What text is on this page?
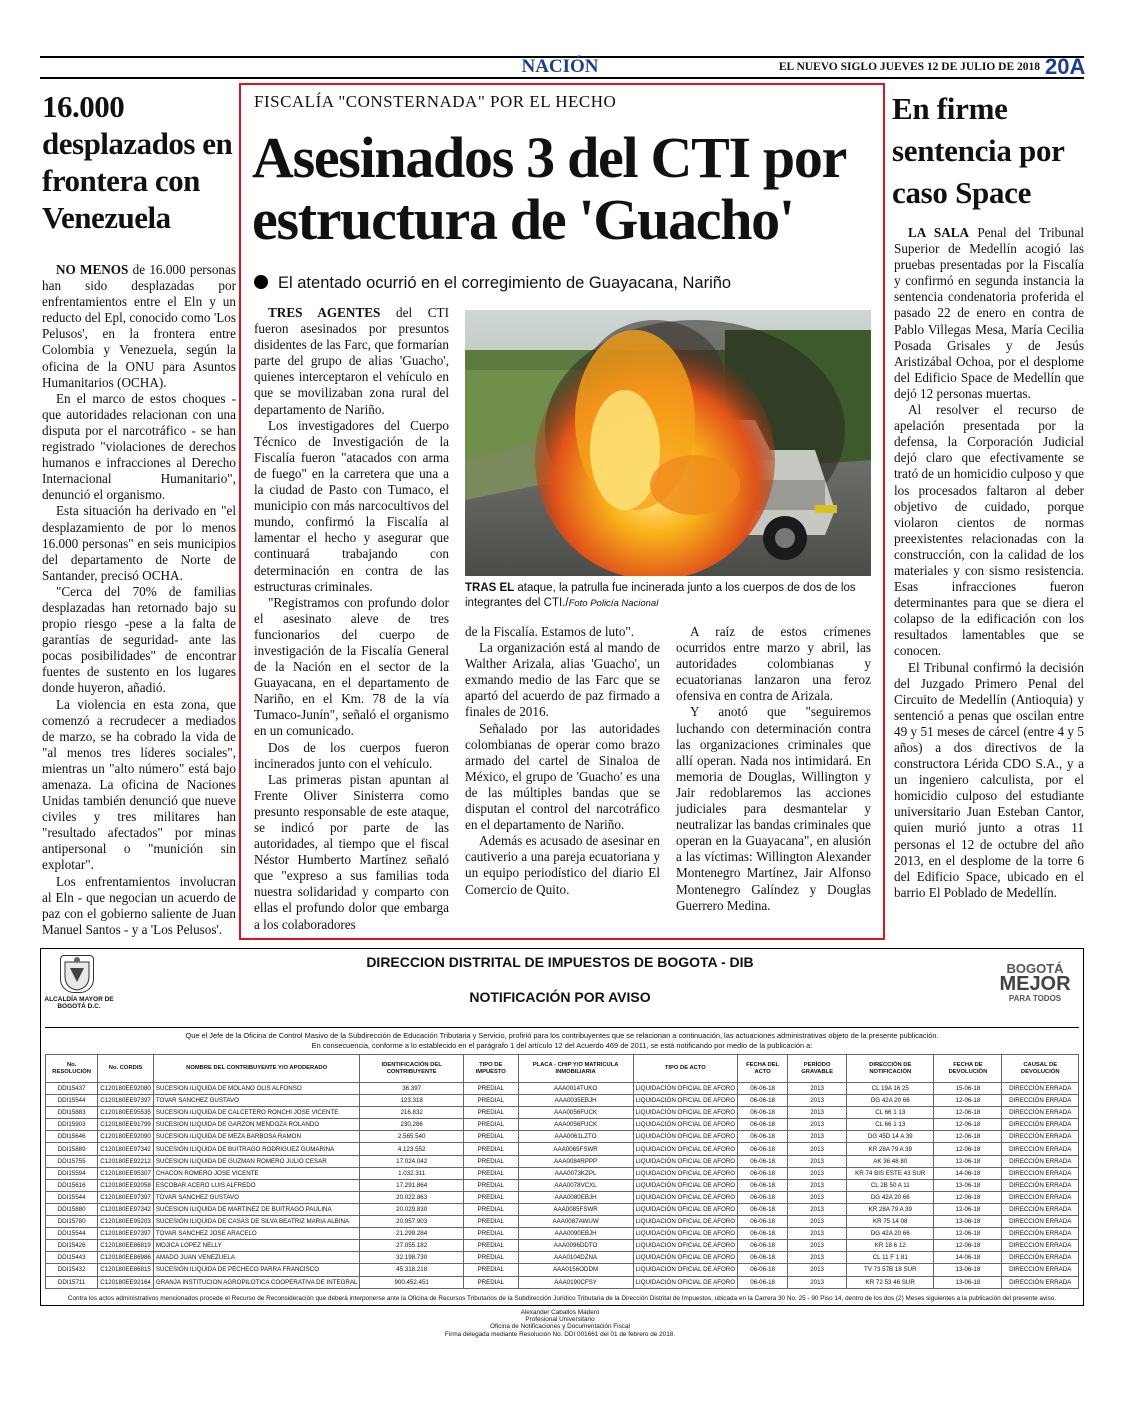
NACIÓN	EL NUEVO SIGLO JUEVES 12 DE JULIO DE 2018 20A
16.000 desplazados en frontera con Venezuela

NO MENOS de 16.000 personas han sido desplazadas por enfrentamientos entre el Eln y un reducto del Epl, conocido como 'Los Pelusos', en la frontera entre Colombia y Venezuela, según la oficina de la ONU para Asuntos Humanitarios (OCHA).

En el marco de estos choques - que autoridades relacionan con una disputa por el narcotráfico - se han registrado "violaciones de derechos humanos e infracciones al Derecho Internacional Humanitario", denunció el organismo.

Esta situación ha derivado en "el desplazamiento de por lo menos 16.000 personas" en seis municipios del departamento de Norte de Santander, precisó OCHA.

"Cerca del 70% de familias desplazadas han retornado bajo su propio riesgo -pese a la falta de garantías de seguridad- ante las pocas posibilidades" de encontrar fuentes de sustento en los lugares donde huyeron, añadió.

La violencia en esta zona, que comenzó a recrudecer a mediados de marzo, se ha cobrado la vida de "al menos tres líderes sociales", mientras un "alto número" está bajo amenaza. La oficina de Naciones Unidas también denunció que nueve civiles y tres militares han "resultado afectados" por minas antipersonal o "munición sin explotar".

Los enfrentamientos involucran al Eln - que negocian un acuerdo de paz con el gobierno saliente de Juan Manuel Santos - y a 'Los Pelusos'.

FISCALÍA "CONSTERNADA" POR EL HECHO
Asesinados 3 del CTI por estructura de 'Guacho'
El atentado ocurrió en el corregimiento de Guayacana, Nariño
TRAS EL ataque, la patrulla fue incinerada junto a los cuerpos de dos de los integrantes del CTI./Foto Policía Nacional

TRES AGENTES del CTI fueron asesinados por presuntos disidentes de las Farc, que formarían parte del grupo de alias 'Guacho', quienes interceptaron el vehículo en que se movilizaban zona rural del departamento de Nariño.

Los investigadores del Cuerpo Técnico de Investigación de la Fiscalía fueron "atacados con arma de fuego" en la carretera que una a la ciudad de Pasto con Tumaco, el municipio con más narcocultivos del mundo, confirmó la Fiscalía al lamentar el hecho y asegurar que continuará trabajando con determinación en contra de las estructuras criminales.

"Registramos con profundo dolor el asesinato aleve de tres funcionarios del cuerpo de investigación de la Fiscalía General de la Nación en el sector de la Guayacana, en el departamento de Nariño, en el Km. 78 de la vía Tumaco-Junín", señaló el organismo en un comunicado.

Dos de los cuerpos fueron incinerados junto con el vehículo.

Las primeras pistan apuntan al Frente Oliver Sinisterra como presunto responsable de este ataque, se indicó por parte de las autoridades, al tiempo que el fiscal Néstor Humberto Martínez señaló que "expreso a sus familias toda nuestra solidaridad y comparto con ellas el profundo dolor que embarga a los colaboradores

de la Fiscalía. Estamos de luto".

La organización está al mando de Walther Arizala, alias 'Guacho', un exmando medio de las Farc que se apartó del acuerdo de paz firmado a finales de 2016.

Señalado por las autoridades colombianas de operar como brazo armado del cartel de Sinaloa de México, el grupo de 'Guacho' es una de las múltiples bandas que se disputan el control del narcotráfico en el departamento de Nariño.

Además es acusado de asesinar en cautiverio a una pareja ecuatoriana y un equipo periodístico del diario El Comercio de Quito.

A raíz de estos crímenes ocurridos entre marzo y abril, las autoridades colombianas y ecuatorianas lanzaron una feroz ofensiva en contra de Arizala.

Y anotó que "seguiremos luchando con determinación contra las organizaciones criminales que allí operan. Nada nos intimidará. En memoria de Douglas, Willington y Jair redoblaremos las acciones judiciales para desmantelar y neutralizar las bandas criminales que operan en la Guayacana", en alusión a las víctimas: Willington Alexander Montenegro Martínez, Jair Alfonso Montenegro Galíndez y Douglas Guerrero Medina.

En firme sentencia por caso Space

LA SALA Penal del Tribunal Superior de Medellín acogió las pruebas presentadas por la Fiscalía y confirmó en segunda instancia la sentencia condenatoria proferida el pasado 22 de enero en contra de Pablo Villegas Mesa, María Cecilia Posada Grisales y de Jesús Aristizábal Ochoa, por el desplome del Edificio Space de Medellín que dejó 12 personas muertas.

Al resolver el recurso de apelación presentada por la defensa, la Corporación Judicial dejó claro que efectivamente se trató de un homicidio culposo y que los procesados faltaron al deber objetivo de cuidado, porque violaron cientos de normas preexistentes relacionadas con la construcción, con la calidad de los materiales y con sismo resistencia. Esas infracciones fueron determinantes para que se diera el colapso de la edificación con los resultados lamentables que se conocen.

El Tribunal confirmó la decisión del Juzgado Primero Penal del Circuito de Medellín (Antioquia) y sentenció a penas que oscilan entre 49 y 51 meses de cárcel (entre 4 y 5 años) a dos directivos de la constructora Lérida CDO S.A., y a un ingeniero calculista, por el homicidio culposo del estudiante universitario Juan Esteban Cantor, quien murió junto a otras 11 personas el 12 de octubre del año 2013, en el desplome de la torre 6 del Edificio Space, ubicado en el barrio El Poblado de Medellín.

ALCALDÍA MAYOR DE BOGOTÁ D.C.
DIRECCION DISTRITAL DE IMPUESTOS DE BOGOTA - DIB
NOTIFICACIÓN POR AVISO
BOGOTÁ
MEJOR
PARA TODOS
Que el Jefe de la Oficina de Control Masivo de la Subdirección de Educación Tributaria y Servicio, profirió para los contribuyentes que se relacionan a continuación, las actuaciones administrativas objeto de la presente publicación.
En consecuencia, conforme a lo establecido en el parágrafo 1 del artículo 12 del Acuerdo 469 de 2011, se está notificando por medio de la publicación a:
No. RESOLUCIÓN	No. CORDIS	NOMBRE DEL CONTRIBUYENTE Y/O APODERADO	IDENTIFICACIÓN DEL CONTRIBUYENTE	TIPO DE IMPUESTO	PLACA - CHIP Y/O MATRICULA INMOBILIARIA	TIPO DE ACTO	FECHA DEL ACTO	PERÍODO GRAVABLE	DIRECCIÓN DE NOTIFICACIÓN	FECHA DE DEVOLUCIÓN	CAUSAL DE DEVOLUCIÓN
DDI15437	C120180EE92080	SUCESION ILIQUIDA DE MOLANO OLIS ALFONSO	36.397	PREDIAL	AAA0014TUKO	LIQUIDACIÓN OFICIAL DE AFORO	06-06-18	2013	CL 19A 16 25	15-06-18	DIRECCIÓN ERRADA
DDI15544	C120180EE97397	TOVAR SANCHEZ GUSTAVO	123.318	PREDIAL	AAA0035EBJH	LIQUIDACIÓN OFICIAL DE AFORO	06-06-18	2013	DG 42A 20 66	12-06-18	DIRECCIÓN ERRADA
DDI15883	C120180EE95535	SUCESION ILIQUIDA DE CALCETERO RONCHI JOSE VICENTE	216.832	PREDIAL	AAA0056FUCK	LIQUIDACIÓN OFICIAL DE AFORO	06-06-18	2013	CL 66 1 13	12-06-18	DIRECCIÓN ERRADA
DDI15903	C120180EE91799	SUCESION ILIQUIDA DE GARZON MENDOZA ROLANDO	230.286	PREDIAL	AAA0056FUCK	LIQUIDACIÓN OFICIAL DE AFORO	06-06-18	2013	CL 66 1 13	12-06-18	DIRECCIÓN ERRADA
DDI15646	C120180EE92090	SUCESION ILIQUIDA DE MEZA BARBOSA RAMON	2.565.540	PREDIAL	AAA0061LZTO	LIQUIDACIÓN OFICIAL DE AFORO	06-06-18	2013	DG 45D 14 A 39	12-06-18	DIRECCIÓN ERRADA
DDI15889	C120180EE97342	SUCESION ILIQUIDA DE BUITRAGO RODRIGUEZ GUMARINA	4.123.552	PREDIAL	AAA0065FSWR	LIQUIDACIÓN OFICIAL DE AFORO	06-06-18	2013	KR 28A 79 A 39	12-06-18	DIRECCIÓN ERRADA
DDI15755	C120180EE92212	SUCESION ILIQUIDA DE GUZMAN ROMERO JULIO CESAR	17.024.042	PREDIAL	AAA0084RPPP	LIQUIDACIÓN OFICIAL DE AFORO	06-06-18	2013	AK 36 48 80	12-06-18	DIRECCIÓN ERRADA
DDI15594	C120180EE95307	CHACON ROMERO JOSE VICENTE	1.032.311	PREDIAL	AAA0073KZPL	LIQUIDACIÓN OFICIAL DE AFORO	06-06-18	2013	KR 74 BIS ESTE 43 SUR	14-06-18	DIRECCIÓN ERRADA
DDI15616	C120180EE92058	ESCOBAR ACERO LUIS ALFREDO	17.291.864	PREDIAL	AAA0078VCXL	LIQUIDACIÓN OFICIAL DE AFORO	06-06-18	2013	CL 2B 50 A 11	13-06-18	DIRECCIÓN ERRADA
DDI15544	C120180EE97397	TOVAR SANCHEZ GUSTAVO	20.022.863	PREDIAL	AAA0080EBJH	LIQUIDACIÓN OFICIAL DE AFORO	06-06-18	2013	DG 42A 20 66	12-06-18	DIRECCIÓN ERRADA
DDI15880	C120180EE97342	SUCESION ILIQUIDA DE MARTINEZ DE BUITRAGO PAULINA	20.029.830	PREDIAL	AAA0085FSWR	LIQUIDACIÓN OFICIAL DE AFORO	06-06-18	2013	KR 28A 79 A 39	12-06-18	DIRECCIÓN ERRADA
DDI15780	C120180EE95203	SUCESION ILIQUIDA DE CASAS DE SILVA BEATRIZ MARIA ALBINA	20.957.903	PREDIAL	AAA0087AWUW	LIQUIDACIÓN OFICIAL DE AFORO	06-06-18	2013	KR 75 14 08	13-06-18	DIRECCIÓN ERRADA
DDI15544	C120180EE97397	TOVAR SANCHEZ JOSE ARACELO	21.299.284	PREDIAL	AAA0090EBJH	LIQUIDACIÓN OFICIAL DE AFORO	06-06-18	2013	DG 42A 20 66	12-06-18	DIRECCIÓN ERRADA
DDI15426	C120180EE86819	MOJICA LOPEZ NELLY	27.055.182	PREDIAL	AAA0096DDTO	LIQUIDACIÓN OFICIAL DE AFORO	06-06-18	2013	KR 18 6 12	12-06-18	DIRECCIÓN ERRADA
DDI15443	C120180EE86986	AMADO JUAN VENEZUELA	32.198.730	PREDIAL	AAA0104DZNA	LIQUIDACIÓN OFICIAL DE AFORO	06-06-18	2013	CL 11 F 1 81	14-06-18	DIRECCIÓN ERRADA
DDI15432	C120180EE86815	SUCESION ILIQUIDA DE PECHECO PARRA FRANCISCO	45.318.218	PREDIAL	AAA0156ODDM	LIQUIDACIÓN OFICIAL DE AFORO	06-06-18	2013	TV 73 57B 18 SUR	13-06-18	DIRECCIÓN ERRADA
DDI15711	C120180EE92164	GRANJA INSTITUCION AGROPILOTICA COOPERATIVA DE INTEGRAL	900.452.451	PREDIAL	AAA0190CFSY	LIQUIDACIÓN OFICIAL DE AFORO	06-06-18	2013	KR 72 53 46 SUR	13-06-18	DIRECCIÓN ERRADA
Contra los actos administrativos mencionados procede el Recurso de Reconsideración que deberá interponerse ante la Oficina de Recursos Tributarios de la Subdirección Jurídico Tributaria de la Dirección Distrital de Impuestos, ubicada en la Carrera 30 No. 25 - 90 Piso 14, dentro de los dos (2) Meses siguientes a la publicación del presente aviso.
Alexander Caballos Madero
Profesional Universitario
Oficina de Notificaciones y Documentación Fiscal
Firma delegada mediante Resolución No. DDI 001661 del 01 de febrero de 2018.
